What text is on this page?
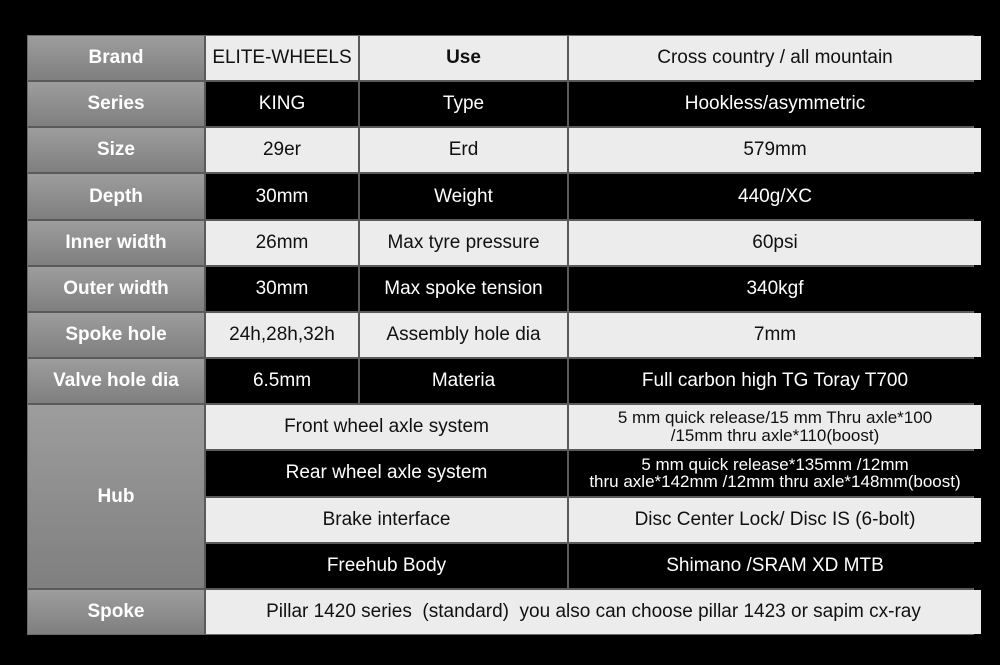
Brand	ELITE-WHEELS	Use	Cross country / all mountain
Series	KING	Type	Hookless/asymmetric
Size	29er	Erd	579mm
Depth	30mm	Weight	440g/XC
Inner width	26mm	Max tyre pressure	60psi
Outer width	30mm	Max spoke tension	340kgf
Spoke hole	24h,28h,32h	Assembly hole dia	7mm
Valve hole dia	6.5mm	Materia	Full carbon high TG Toray T700
Hub
Front wheel axle system	5 mm quick release/15 mm Thru axle*100
/15mm thru axle*110(boost)
Rear wheel axle system	5 mm quick release*135mm /12mm
thru axle*142mm /12mm thru axle*148mm(boost)
Brake interface	Disc Center Lock/ Disc IS (6-bolt)
Freehub Body	Shimano /SRAM XD MTB
Spoke	Pillar 1420 series  (standard)  you also can choose pillar 1423 or sapim cx-ray
